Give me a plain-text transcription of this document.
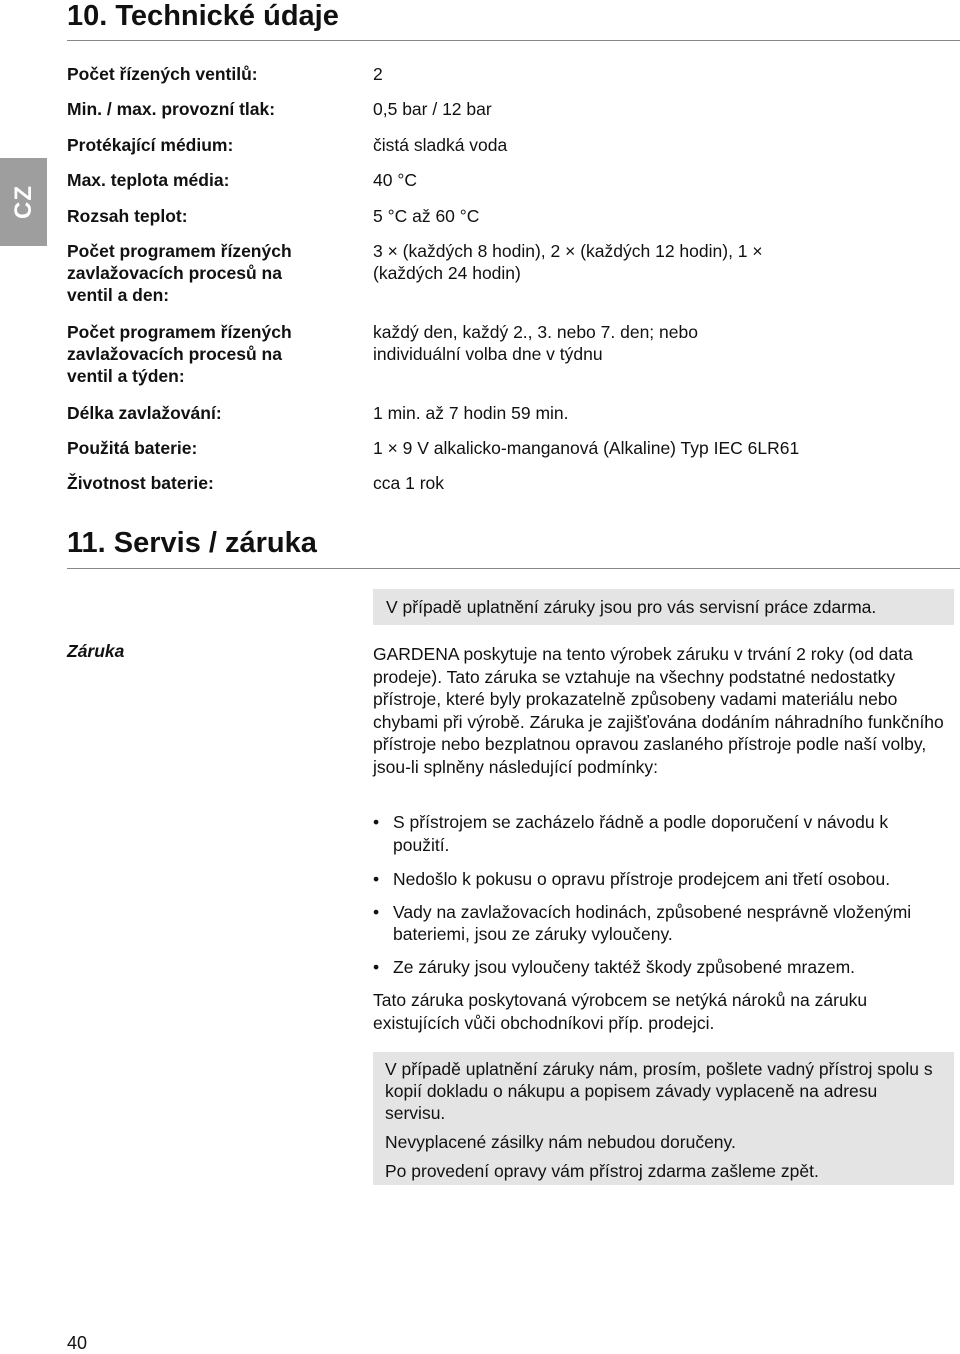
CZ
10. Technické údaje
Počet řízených ventilů:	2
Min. / max. provozní tlak:	0,5 bar / 12 bar
Protékající médium:	čistá sladká voda
Max. teplota média:	40 °C
Rozsah teplot:	5 °C až 60 °C
Počet programem řízených zavlažovacích procesů na ventil a den:
3 × (každých 8 hodin), 2 × (každých 12 hodin), 1 × (každých 24 hodin)
Počet programem řízených zavlažovacích procesů na ventil a týden:
každý den, každý 2., 3. nebo 7. den; nebo individuální volba dne v týdnu
Délka zavlažování:	1 min. až 7 hodin 59 min.
Použitá baterie:	1 × 9 V alkalicko-manganová (Alkaline) Typ IEC 6LR61
Životnost baterie:	cca 1 rok
11. Servis / záruka
V případě uplatnění záruky jsou pro vás servisní práce zdarma.
Záruka	GARDENA poskytuje na tento výrobek záruku v trvání 2 roky (od data prodeje). Tato záruka se vztahuje na všechny podstatné nedostatky přístroje, které byly prokazatelně způsobeny vadami materiálu nebo chybami při výrobě. Záruka je zajišťována dodáním náhradního funkčního přístroje nebo bezplatnou opravou zaslaného přístroje podle naší volby, jsou-li splněny následující podmínky:

• S přístrojem se zacházelo řádně a podle doporučení v návodu k použití.
• Nedošlo k pokusu o opravu přístroje prodejcem ani třetí osobou.
• Vady na zavlažovacích hodinách, způsobené nesprávně vloženými bateriemi, jsou ze záruky vyloučeny.
• Ze záruky jsou vyloučeny taktéž škody způsobené mrazem.

Tato záruka poskytovaná výrobcem se netýká nároků na záruku existujících vůči obchodníkovi příp. prodejci.

V případě uplatnění záruky nám, prosím, pošlete vadný přístroj spolu s kopií dokladu o nákupu a popisem závady vyplaceně na adresu servisu.

Nevyplacené zásilky nám nebudou doručeny.

Po provedení opravy vám přístroj zdarma zašleme zpět.

40
